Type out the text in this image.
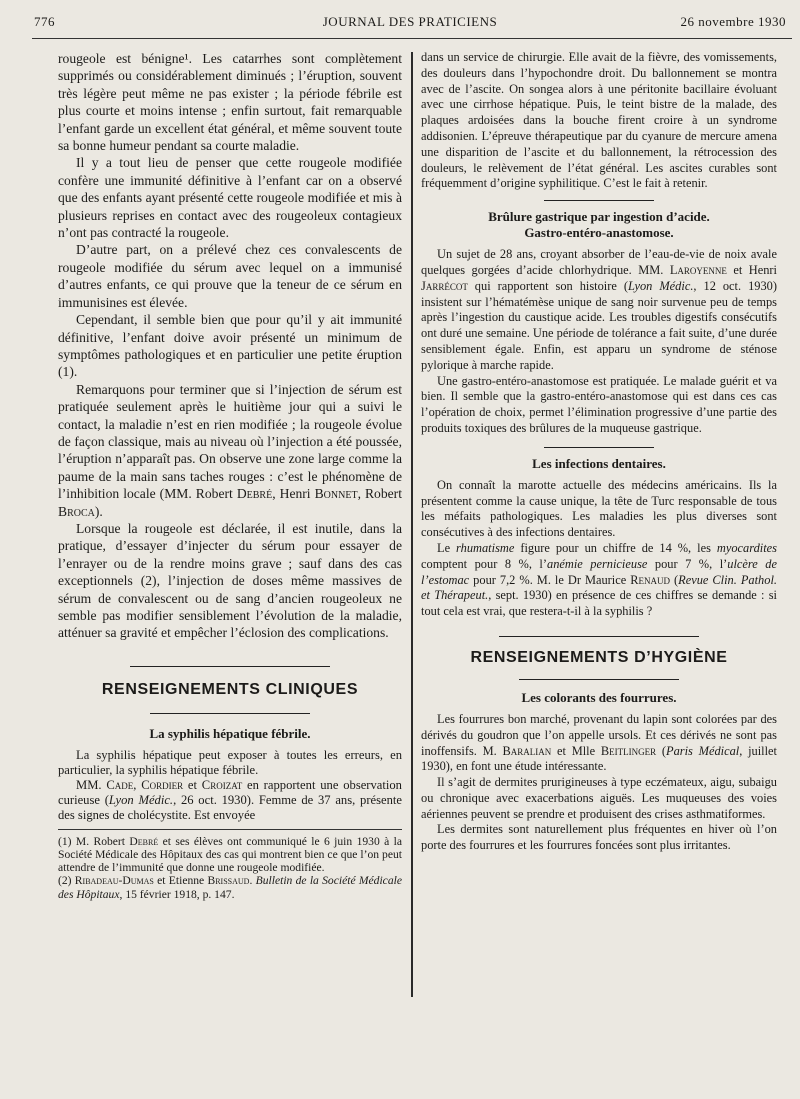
776	JOURNAL DES PRATICIENS	26 novembre 1930

rougeole est bénigne¹. Les catarrhes sont complètement supprimés ou considérablement diminués ; l’éruption, souvent très légère peut même ne pas exister ; la période fébrile est plus courte et moins intense ; enfin surtout, fait remarquable l’enfant garde un excellent état général, et même souvent toute sa bonne humeur pendant sa courte maladie.

Il y a tout lieu de penser que cette rougeole modifiée confère une immunité définitive à l’enfant car on a observé que des enfants ayant présenté cette rougeole modifiée et mis à plusieurs reprises en contact avec des rougeoleux contagieux n’ont pas contracté la rougeole.

D’autre part, on a prélevé chez ces convalescents de rougeole modifiée du sérum avec lequel on a immunisé d’autres enfants, ce qui prouve que la teneur de ce sérum en immunisines est élevée.

Cependant, il semble bien que pour qu’il y ait immunité définitive, l’enfant doive avoir présenté un minimum de symptômes pathologiques et en particulier une petite éruption (1).

Remarquons pour terminer que si l’injection de sérum est pratiquée seulement après le huitième jour qui a suivi le contact, la maladie n’est en rien modifiée ; la rougeole évolue de façon classique, mais au niveau où l’injection a été poussée, l’éruption n’apparaît pas. On observe une zone large comme la paume de la main sans taches rouges : c’est le phénomène de l’inhibition locale (MM. Robert Debré, Henri Bonnet, Robert Broca).

Lorsque la rougeole est déclarée, il est inutile, dans la pratique, d’essayer d’injecter du sérum pour essayer de l’enrayer ou de la rendre moins grave ; sauf dans des cas exceptionnels (2), l’injection de doses même massives de sérum de convalescent ou de sang d’ancien rougeoleux ne semble pas modifier sensiblement l’évolution de la maladie, atténuer sa gravité et empêcher l’éclosion des complications.

RENSEIGNEMENTS CLINIQUES
La syphilis hépatique fébrile.

La syphilis hépatique peut exposer à toutes les erreurs, en particulier, la syphilis hépatique fébrile.

MM. Cade, Cordier et Croizat en rapportent une observation curieuse (Lyon Médic., 26 oct. 1930). Femme de 37 ans, présente des signes de cholécystite. Est envoyée

(1) M. Robert Debré et ses élèves ont communiqué le 6 juin 1930 à la Société Médicale des Hôpitaux des cas qui montrent bien ce que l’on peut attendre de l’immunité que donne une rougeole modifiée.

(2) Ribadeau-Dumas et Etienne Brissaud. Bulletin de la Société Médicale des Hôpitaux, 15 février 1918, p. 147.

dans un service de chirurgie. Elle avait de la fièvre, des vomissements, des douleurs dans l’hypochondre droit. Du ballonnement se montra avec de l’ascite. On songea alors à une péritonite bacillaire évoluant avec une cirrhose hépatique. Puis, le teint bistre de la malade, des plaques ardoisées dans la bouche firent croire à un syndrome addisonien. L’épreuve thérapeutique par du cyanure de mercure amena une disparition de l’ascite et du ballonnement, la rétrocession des douleurs, le relèvement de l’état général. Les ascites curables sont fréquemment d’origine syphilitique. C’est le fait à retenir.

Brûlure gastrique par ingestion d’acide.
Gastro-entéro-anastomose.

Un sujet de 28 ans, croyant absorber de l’eau-de-vie de noix avale quelques gorgées d’acide chlorhydrique. MM. Laroyenne et Henri Jarrécot qui rapportent son histoire (Lyon Médic., 12 oct. 1930) insistent sur l’hématémèse unique de sang noir survenue peu de temps après l’ingestion du caustique acide. Les troubles digestifs consécutifs ont duré une semaine. Une période de tolérance a fait suite, d’une durée sensiblement égale. Enfin, est apparu un syndrome de sténose pylorique à marche rapide.

Une gastro-entéro-anastomose est pratiquée. Le malade guérit et va bien. Il semble que la gastro-entéro-anastomose qui est dans ces cas l’opération de choix, permet l’élimination progressive d’une partie des produits toxiques des brûlures de la muqueuse gastrique.

Les infections dentaires.

On connaît la marotte actuelle des médecins américains. Ils la présentent comme la cause unique, la tête de Turc responsable de tous les méfaits pathologiques. Les maladies les plus diverses sont consécutives à des infections dentaires.

Le rhumatisme figure pour un chiffre de 14 %, les myocardites comptent pour 8 %, l’anémie pernicieuse pour 7 %, l’ulcère de l’estomac pour 7,2 %. M. le Dr Maurice Renaud (Revue Clin. Pathol. et Thérapeut., sept. 1930) en présence de ces chiffres se demande : si tout cela est vrai, que restera-t-il à la syphilis ?

RENSEIGNEMENTS D’HYGIÈNE
Les colorants des fourrures.

Les fourrures bon marché, provenant du lapin sont colorées par des dérivés du goudron que l’on appelle ursols. Et ces dérivés ne sont pas inoffensifs. M. Baralian et Mlle Beitlinger (Paris Médical, juillet 1930), en font une étude intéressante.

Il s’agit de dermites prurigineuses à type eczémateux, aigu, subaigu ou chronique avec exacerbations aiguës. Les muqueuses des voies aériennes peuvent se prendre et produisent des crises asthmatiformes.

Les dermites sont naturellement plus fréquentes en hiver où l’on porte des fourrures et les fourrures foncées sont plus irritantes.
